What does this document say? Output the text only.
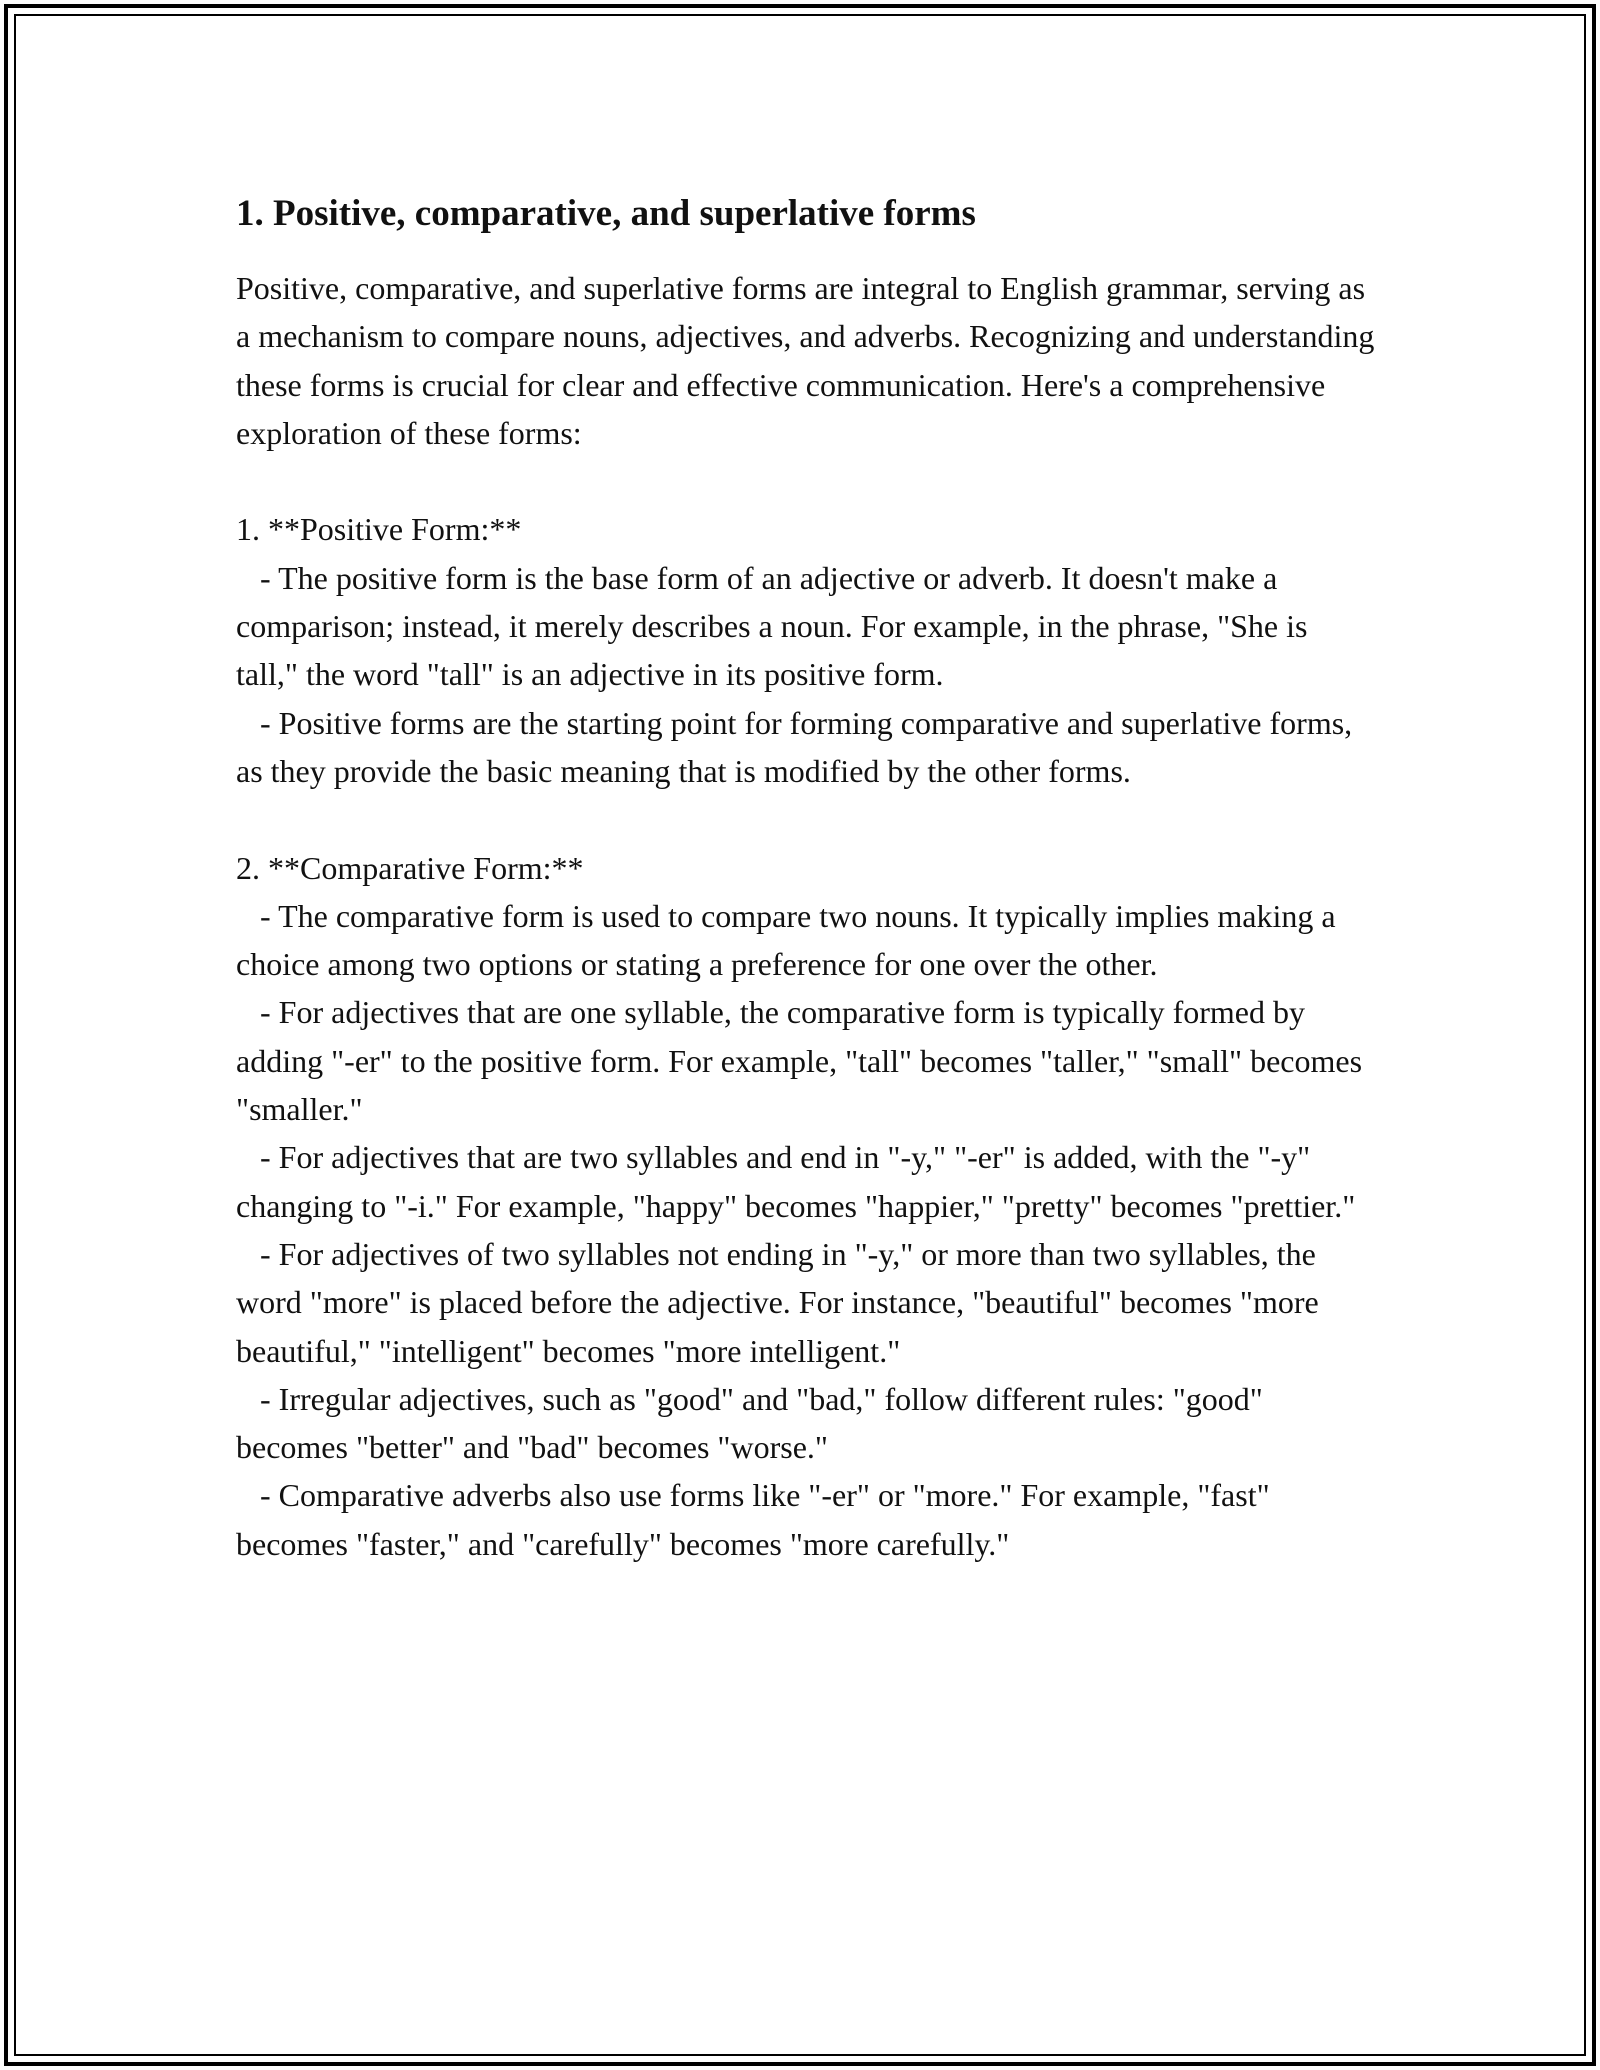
1. Positive, comparative, and superlative forms

Positive, comparative, and superlative forms are integral to English grammar, serving as a mechanism to compare nouns, adjectives, and adverbs. Recognizing and understanding these forms is crucial for clear and effective communication. Here's a comprehensive exploration of these forms:

1. **Positive Form:**
- The positive form is the base form of an adjective or adverb. It doesn't make a comparison; instead, it merely describes a noun. For example, in the phrase, "She is tall," the word "tall" is an adjective in its positive form.
- Positive forms are the starting point for forming comparative and superlative forms, as they provide the basic meaning that is modified by the other forms.

2. **Comparative Form:**
- The comparative form is used to compare two nouns. It typically implies making a choice among two options or stating a preference for one over the other.
- For adjectives that are one syllable, the comparative form is typically formed by adding "-er" to the positive form. For example, "tall" becomes "taller," "small" becomes "smaller."
- For adjectives that are two syllables and end in "-y," "-er" is added, with the "-y" changing to "-i." For example, "happy" becomes "happier," "pretty" becomes "prettier."
- For adjectives of two syllables not ending in "-y," or more than two syllables, the word "more" is placed before the adjective. For instance, "beautiful" becomes "more beautiful," "intelligent" becomes "more intelligent."
- Irregular adjectives, such as "good" and "bad," follow different rules: "good" becomes "better" and "bad" becomes "worse."
- Comparative adverbs also use forms like "-er" or "more." For example, "fast" becomes "faster," and "carefully" becomes "more carefully."
